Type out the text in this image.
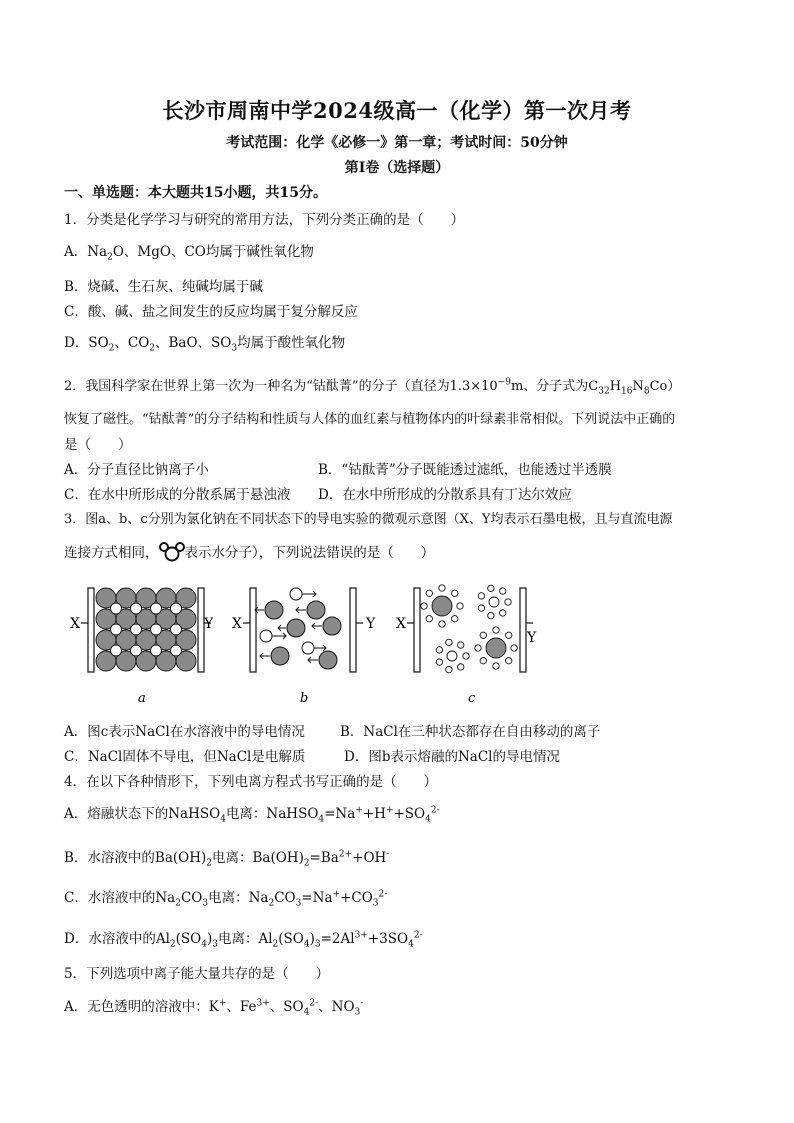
长沙市周南中学2024级高一（化学）第一次月考
考试范围：化学《必修一》第一章；考试时间：50分钟
第Ⅰ卷（选择题）
一、单选题：本大题共15小题，共15分。
1．分类是化学学习与研究的常用方法，下列分类正确的是（　　）
A．$Na_2O$、MgO、CO均属于碱性氧化物
B．烧碱、生石灰、纯碱均属于碱
C．酸、碱、盐之间发生的反应均属于复分解反应
D．$SO_2$、$CO_2$、BaO、$SO_3$均属于酸性氧化物
2．我国科学家在世界上第一次为一种名为“钴酞菁”的分子（直径为$1.3\times 10^{-9}m$、分子式为$C_{32}H_{16}N_8Co$）
恢复了磁性。“钴酞菁”的分子结构和性质与人体的血红素与植物体内的叶绿素非常相似。下列说法中正确的
是（　　）
A．分子直径比钠离子小	B．“钴酞菁”分子既能透过滤纸，也能透过半透膜
C．在水中所形成的分散系属于悬浊液 D．在水中所形成的分散系具有丁达尔效应
3．图a、b、c分别为氯化钠在不同状态下的导电实验的微观示意图（X、Y均表示石墨电极，且与直流电源
连接方式相同， 表示水分子），下列说法错误的是（　　）
X	Y
a
X	Y
b
X
Y
c
A．图c表示NaCl在水溶液中的导电情况	B．NaCl在三种状态都存在自由移动的离子
C．NaCl固体不导电，但NaCl是电解质	D．图b表示熔融的NaCl的导电情况
4．在以下各种情形下，下列电离方程式书写正确的是（　　）
A．熔融状态下的NaHSO$_4$电离：$NaHSO_4=Na^++H^++SO_4^{2-}$
B．水溶液中的$Ba(OH)_2$电离：$Ba(OH)_2=Ba^{2+}+OH^-$
C．水溶液中的$Na_2CO_3$电离：$Na_2CO_3=Na^++CO_3^{2-}$
D．水溶液中的$Al_2(SO_4)_3$电离：$Al_2(SO_4)_3=2Al^{3+}+3SO_4^{2-}$
5．下列选项中离子能大量共存的是（　　）
A．无色透明的溶液中：K+、$Fe^{3+}$、$SO_4^{2-}$、$NO_3^-$
